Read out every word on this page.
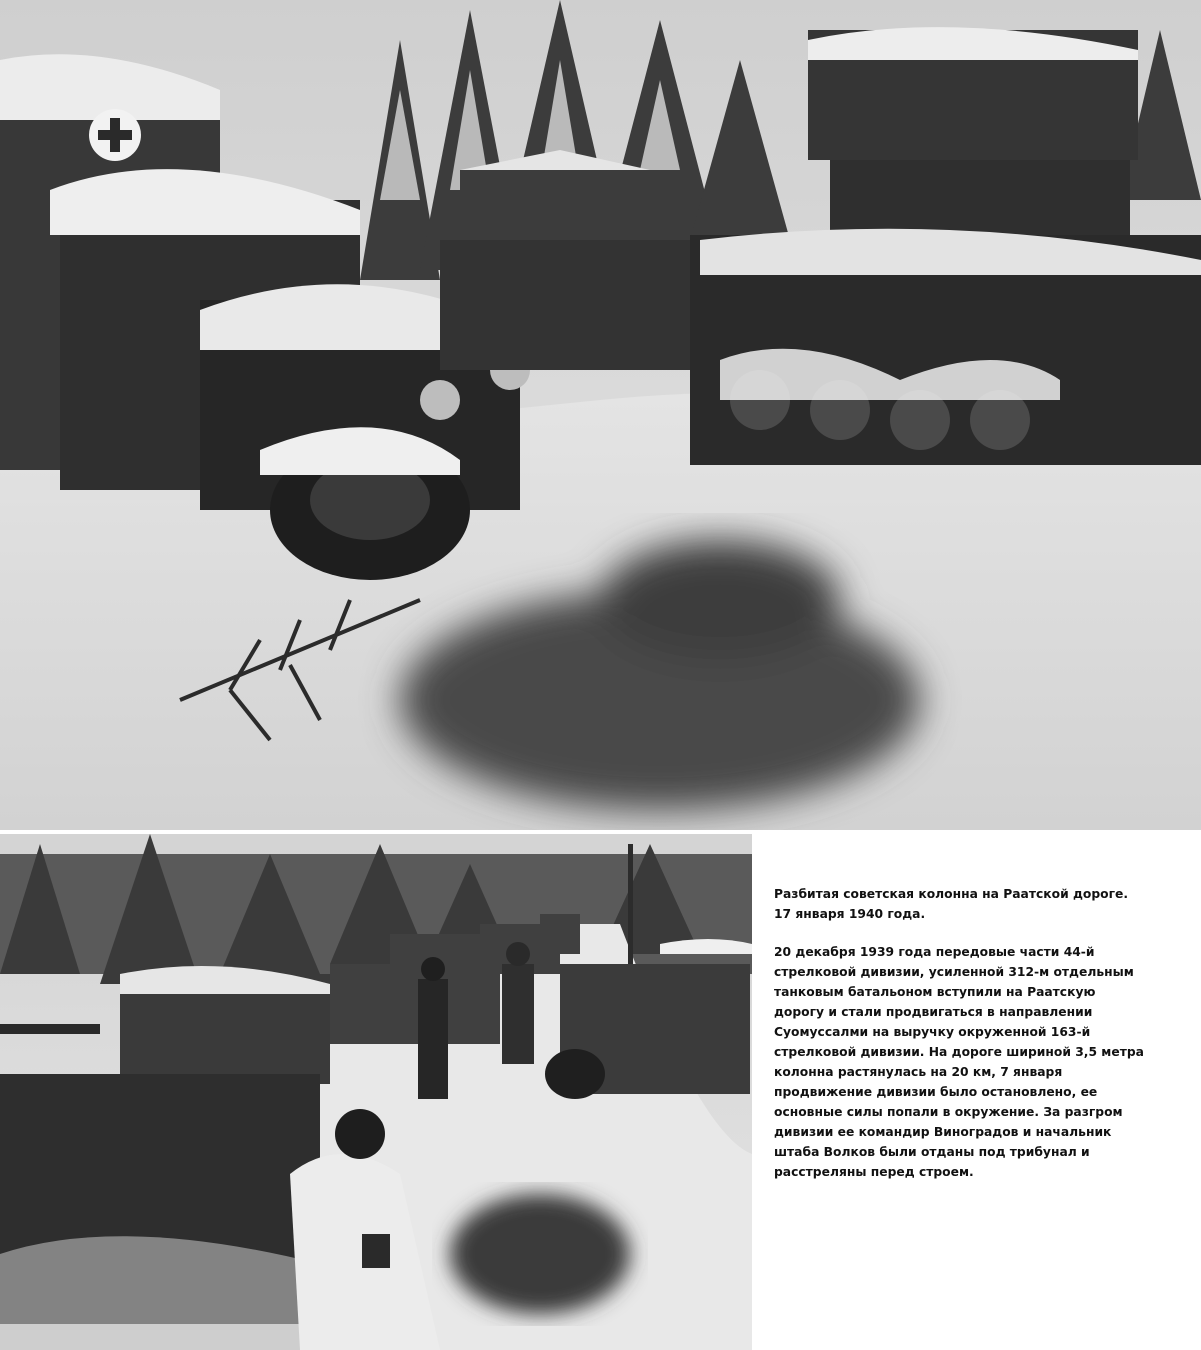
Разбитая советская колонна на Раатской дороге. 17 января 1940 года.

20 декабря 1939 года передовые части 44-й стрелковой дивизии, усиленной 312-м отдельным танковым батальоном вступили на Раатскую дорогу и стали продвигаться в направлении Суомуссалми на выручку окруженной 163-й стрелковой дивизии. На дороге шириной 3,5 метра колонна растянулась на 20 км, 7 января продвижение дивизии было остановлено, ее основные силы попали в окружение. За разгром дивизии ее командир Виноградов и начальник штаба Волков были отданы под трибунал и расстреляны перед строем.
